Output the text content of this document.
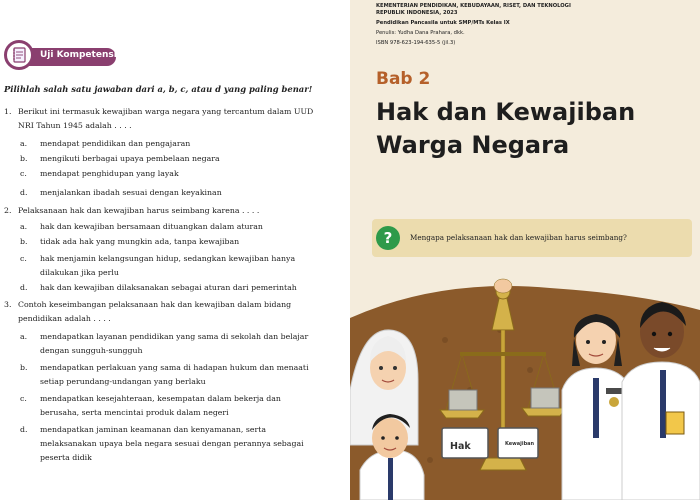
Uji Kompetensi
Pilihlah salah satu jawaban dari a, b, c, atau d yang paling benar!
1. Berikut ini termasuk kewajiban warga negara yang tercantum dalam UUD
NRI Tahun 1945 adalah . . . .
a. mendapat pendidikan dan pengajaran
b. mengikuti berbagai upaya pembelaan negara
c. mendapat penghidupan yang layak
d. menjalankan ibadah sesuai dengan keyakinan
2. Pelaksanaan hak dan kewajiban harus seimbang karena . . . .
a. hak dan kewajiban bersamaan dituangkan dalam aturan
b. tidak ada hak yang mungkin ada, tanpa kewajiban
c. hak menjamin kelangsungan hidup, sedangkan kewajiban hanya
dilakukan jika perlu
d. hak dan kewajiban dilaksanakan sebagai aturan dari pemerintah
3. Contoh keseimbangan pelaksanaan hak dan kewajiban dalam bidang
pendidikan adalah . . . .
a. mendapatkan layanan pendidikan yang sama di sekolah dan belajar
dengan sungguh-sungguh
b. mendapatkan perlakuan yang sama di hadapan hukum dan menaati
setiap perundang-undangan yang berlaku
c. mendapatkan kesejahteraan, kesempatan dalam bekerja dan
berusaha, serta mencintai produk dalam negeri
d. mendapatkan jaminan keamanan dan kenyamanan, serta
melaksanakan upaya bela negara sesuai dengan perannya sebagai
peserta didik
KEMENTERIAN PENDIDIKAN, KEBUDAYAAN, RISET, DAN TEKNOLOGI
REPUBLIK INDONESIA, 2023
Pendidikan Pancasila untuk SMP/MTs Kelas IX
Penulis: Yudha Dana Prahara, dkk.
ISBN 978-623-194-635-5 (jil.3)
Bab 2
Hak dan Kewajiban
Warga Negara
?	Mengapa pelaksanaan hak dan kewajiban harus seimbang?
Hak	Kewajiban
